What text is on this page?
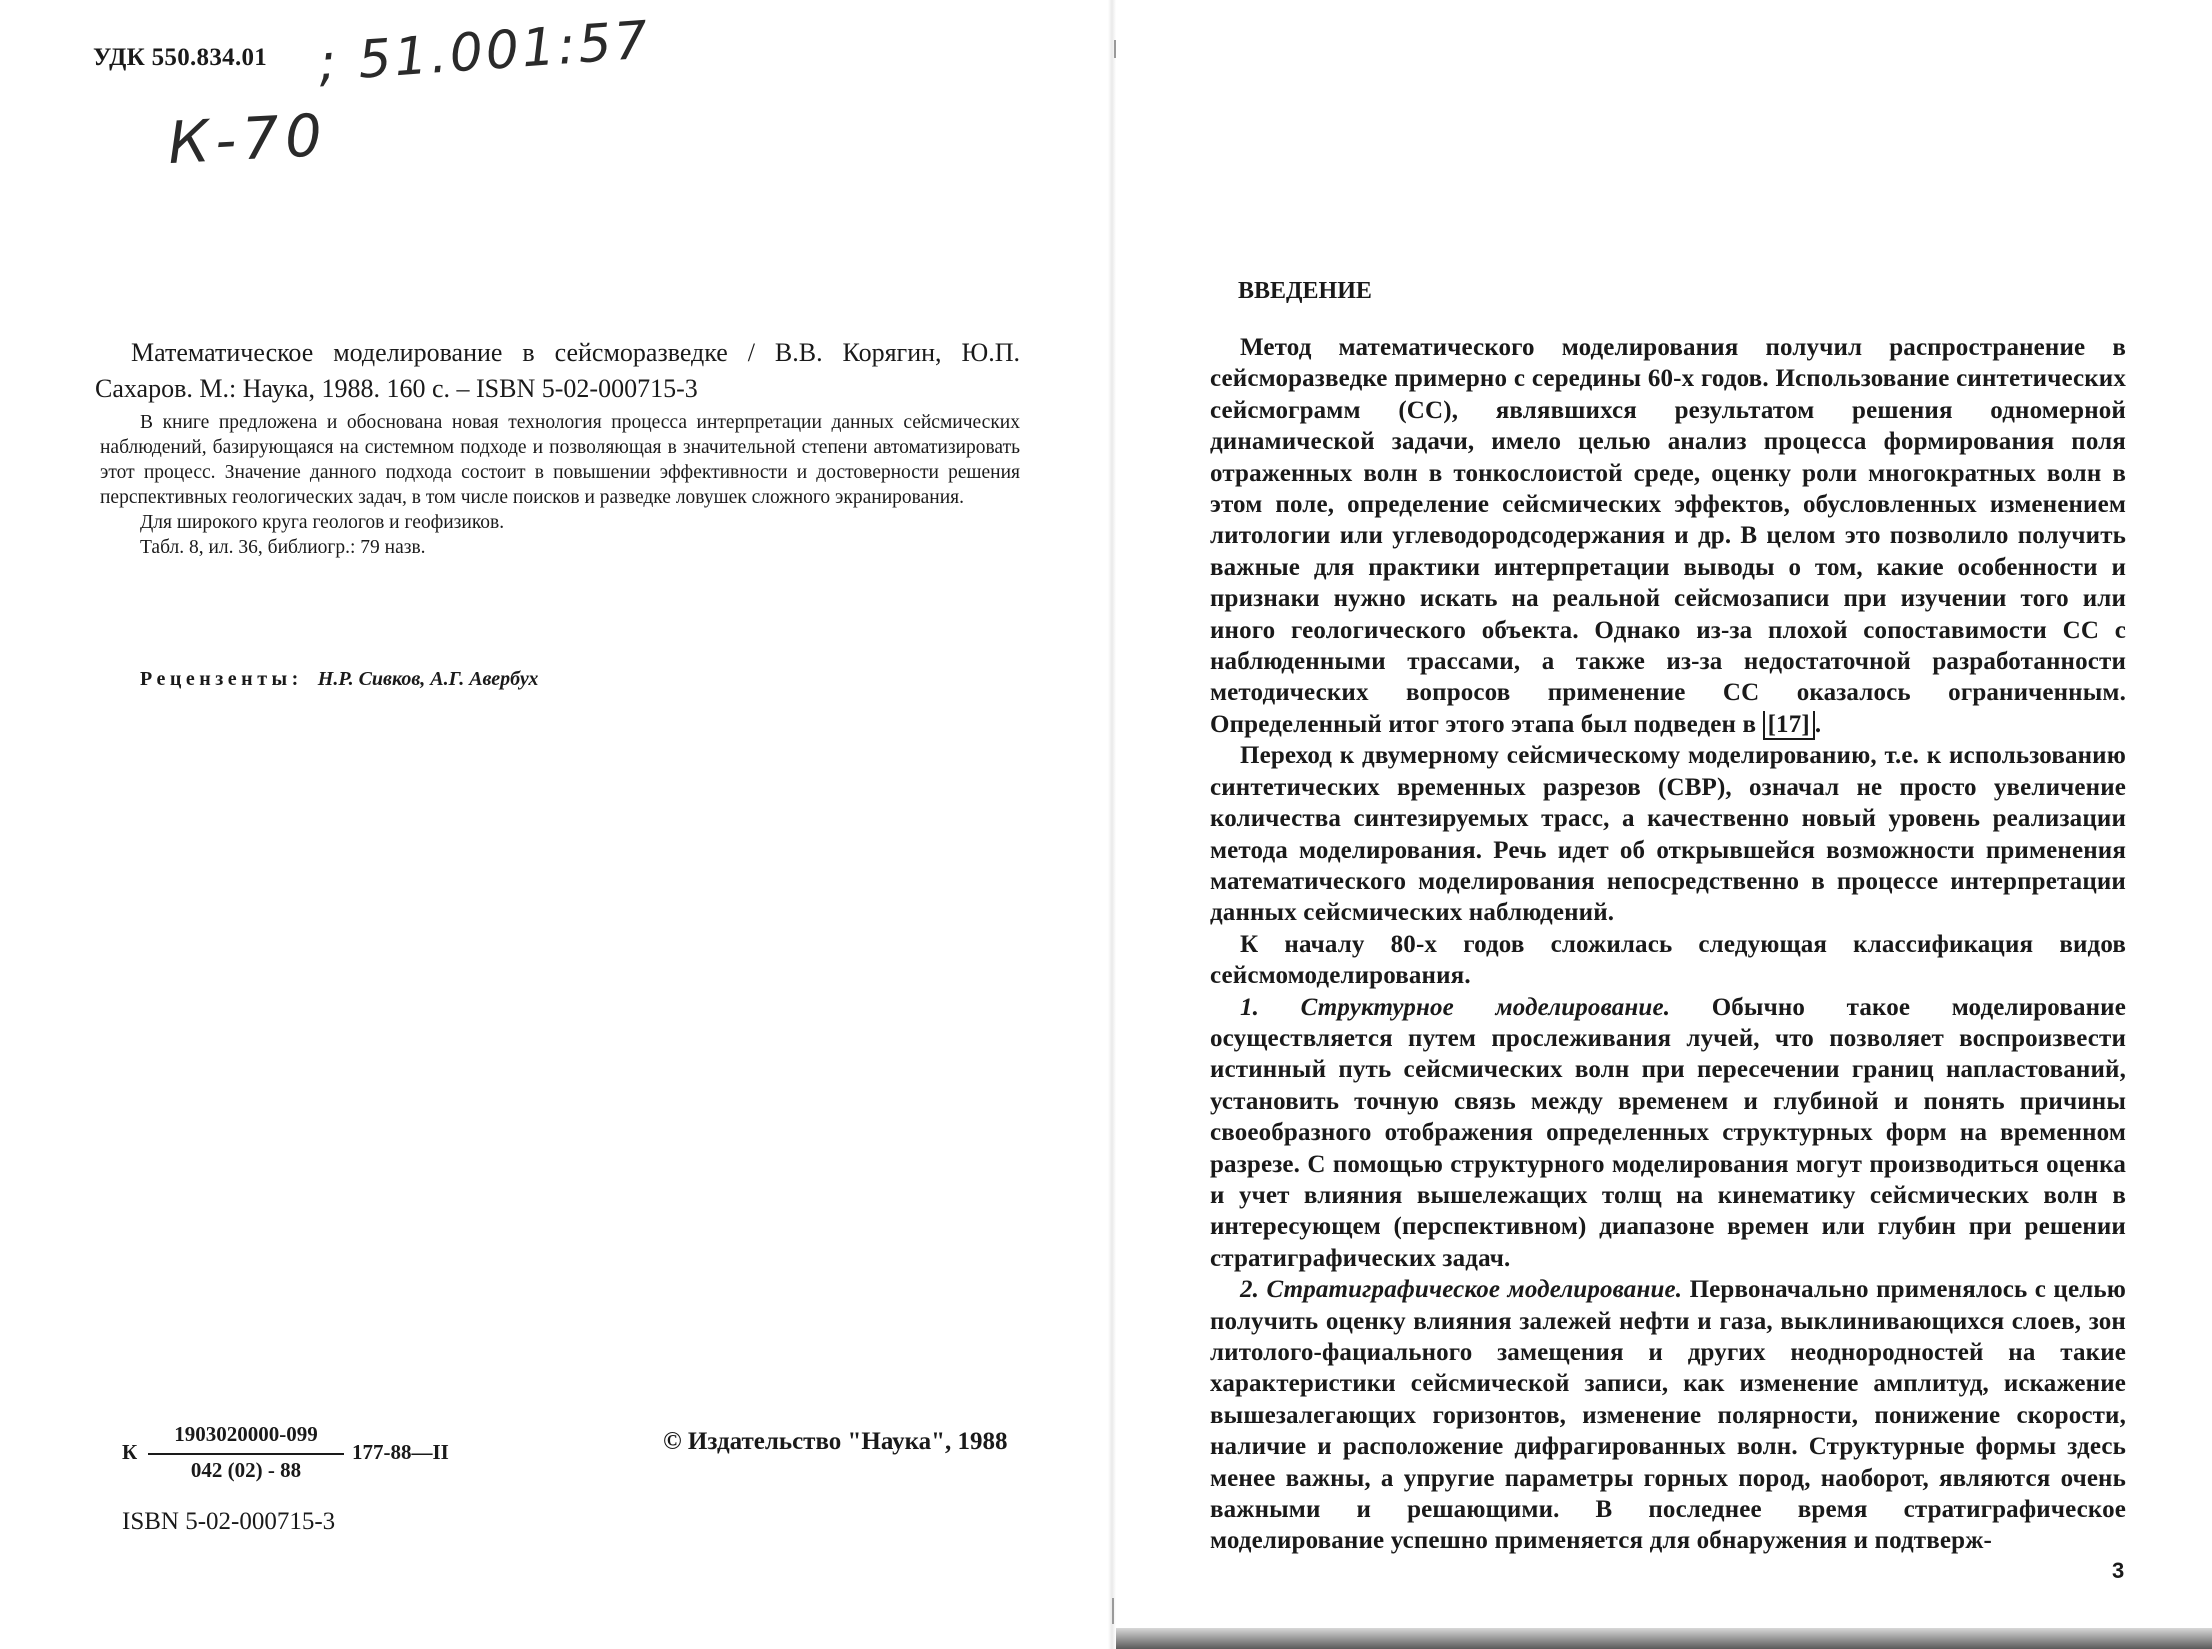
УДК 550.834.01 ; 51.001:57
К-70

Математическое моделирование в сейсморазведке / В.В. Корягин, Ю.П. Сахаров. М.: Наука, 1988. 160 с. – ISBN 5-02-000715-3

В книге предложена и обоснована новая технология процесса интерпретации данных сейсмических наблюдений, базирующаяся на системном подходе и позволяющая в значительной степени автоматизировать этот процесс. Значение данного подхода состоит в повышении эффективности и достоверности решения перспективных геологических задач, в том числе поисков и разведке ловушек сложного экранирования.

Для широкого круга геологов и геофизиков.

Табл. 8, ил. 36, библиогр.: 79 назв.

Рецензенты: Н.Р. Сивков, А.Г. Авербух
К
1903020000-099
042 (02) - 88
177-88—II	© Издательство "Наука", 1988
ISBN 5-02-000715-3
ВВЕДЕНИЕ

Метод математического моделирования получил распространение в сейсморазведке примерно с середины 60-х годов. Использование синтетических сейсмограмм (СС), являвшихся результатом решения одномерной динамической задачи, имело целью анализ процесса формирования поля отраженных волн в тонкослоистой среде, оценку роли многократных волн в этом поле, определение сейсмических эффектов, обусловленных изменением литологии или углеводородсодержания и др. В целом это позволило получить важные для практики интерпретации выводы о том, какие особенности и признаки нужно искать на реальной сейсмозаписи при изучении того или иного геологического объекта. Однако из-за плохой сопоставимости СС с наблюденными трассами, а также из-за недостаточной разработанности методических вопросов применение СС оказалось ограниченным. Определенный итог этого этапа был подведен в [17] .

Переход к двумерному сейсмическому моделированию, т.е. к использованию синтетических временных разрезов (СВР), означал не просто увеличение количества синтезируемых трасс, а качественно новый уровень реализации метода моделирования. Речь идет об открывшейся возможности применения математического моделирования непосредственно в процессе интерпретации данных сейсмических наблюдений.

К началу 80-х годов сложилась следующая классификация видов сейсмомоделирования.

1. Структурное моделирование. Обычно такое моделирование осуществляется путем прослеживания лучей, что позволяет воспроизвести истинный путь сейсмических волн при пересечении границ напластований, установить точную связь между временем и глубиной и понять причины своеобразного отображения определенных структурных форм на временном разрезе. С помощью структурного моделирования могут производиться оценка и учет влияния вышележащих толщ на кинематику сейсмических волн в интересующем (перспективном) диапазоне времен или глубин при решении стратиграфических задач.

2. Стратиграфическое моделирование. Первоначально применялось с целью получить оценку влияния залежей нефти и газа, выклинивающихся слоев, зон литолого-фациального замещения и других неоднородностей на такие характеристики сейсмической записи, как изменение амплитуд, искажение вышезалегающих горизонтов, изменение полярности, понижение скорости, наличие и расположение дифрагированных волн. Структурные формы здесь менее важны, а упругие параметры горных пород, наоборот, являются очень важными и решающими. В последнее время стратиграфическое моделирование успешно применяется для обнаружения и подтверж-

3
